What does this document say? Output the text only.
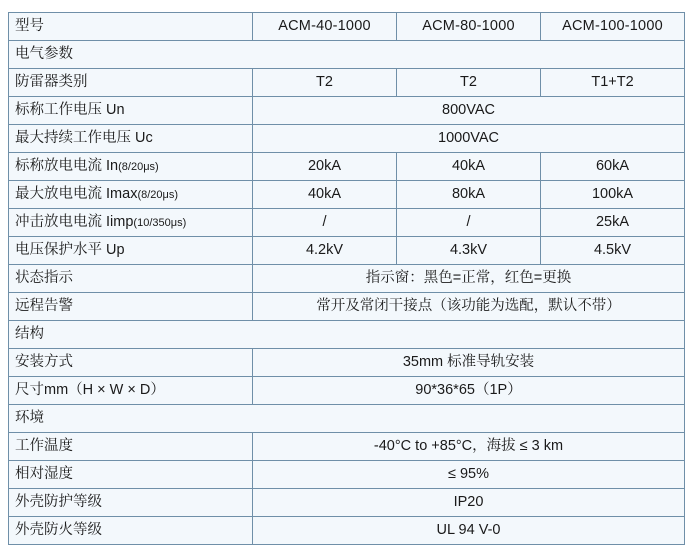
型号	ACM-40-1000	ACM-80-1000	ACM-100-1000
电气参数			
防雷器类别	T2	T2	T1+T2
标称工作电压 Un	800VAC		
最大持续工作电压 Uc	1000VAC		
标称放电电流 In(8/20μs)	20kA	40kA	60kA
最大放电电流 Imax(8/20μs)	40kA	80kA	100kA
冲击放电电流 Iimp(10/350μs)	/	/	25kA
电压保护水平 Up	4.2kV	4.3kV	4.5kV
状态指示	指示窗：黑色=正常，红色=更换		
远程告警	常开及常闭干接点（该功能为选配，默认不带）		
结构			
安装方式	35mm 标准导轨安装		
尺寸mm（H × W × D）	90*36*65（1P）		
环境			
工作温度	-40°C to +85°C，海拔 ≤ 3 km		
相对湿度	≤ 95%		
外壳防护等级	IP20		
外壳防火等级	UL 94 V-0		
